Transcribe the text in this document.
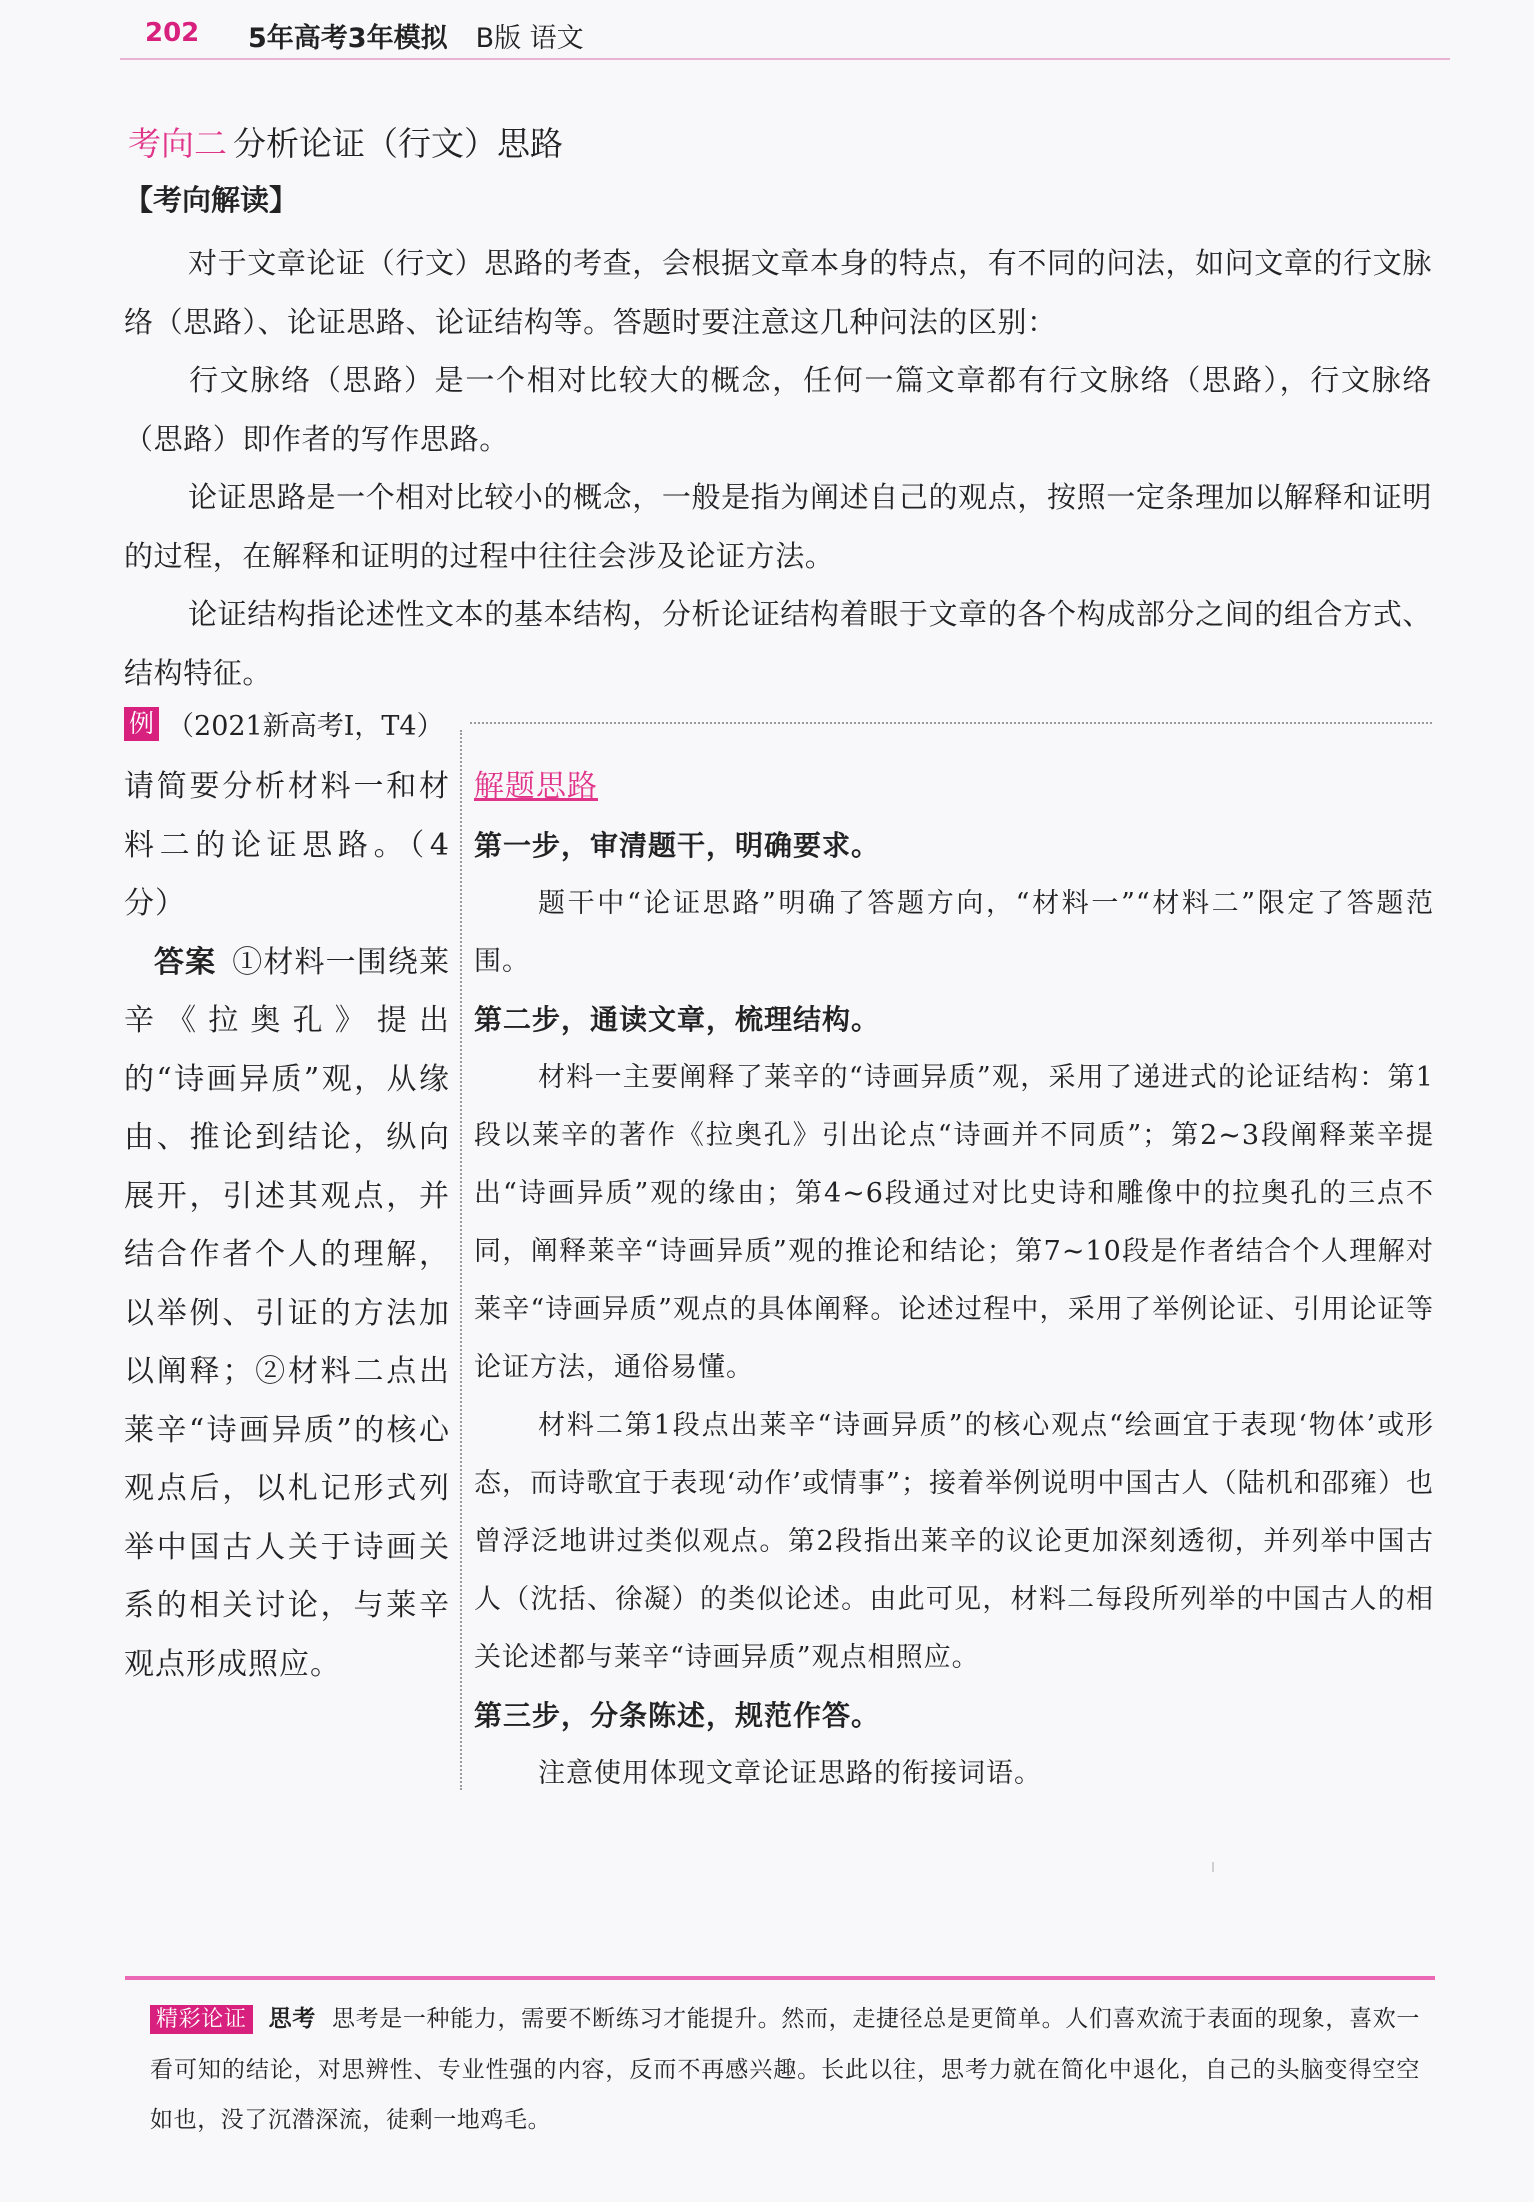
202 5年高考3年模拟 B版 语文
考向二 分析论证（行文）思路
【考向解读】
对于文章论证（行文）思路的考查，会根据文章本身的特点，有不同的问法，如问文章的行文脉络（思路）、论证思路、论证结构等。答题时要注意这几种问法的区别：
行文脉络（思路）是一个相对比较大的概念，任何一篇文章都有行文脉络（思路），行文脉络（思路）即作者的写作思路。
论证思路是一个相对比较小的概念，一般是指为阐述自己的观点，按照一定条理加以解释和证明的过程，在解释和证明的过程中往往会涉及论证方法。
论证结构指论述性文本的基本结构，分析论证结构着眼于文章的各个构成部分之间的组合方式、结构特征。
例 （2021新高考Ⅰ，T4）
请简要分析材料一和材料二的论证思路。（4分）
答案 ①材料一围绕莱辛《拉奥孔》提出的“诗画异质”观，从缘由、推论到结论，纵向展开，引述其观点，并结合作者个人的理解，以举例、引证的方法加以阐释；②材料二点出莱辛“诗画异质”的核心观点后，以札记形式列举中国古人关于诗画关系的相关讨论，与莱辛观点形成照应。
解题思路
第一步，审清题干，明确要求。
题干中“论证思路”明确了答题方向，“材料一”“材料二”限定了答题范围。
第二步，通读文章，梳理结构。
材料一主要阐释了莱辛的“诗画异质”观，采用了递进式的论证结构：第1段以莱辛的著作《拉奥孔》引出论点“诗画并不同质”；第2~3段阐释莱辛提出“诗画异质”观的缘由；第4~6段通过对比史诗和雕像中的拉奥孔的三点不同，阐释莱辛“诗画异质”观的推论和结论；第7~10段是作者结合个人理解对莱辛“诗画异质”观点的具体阐释。论述过程中，采用了举例论证、引用论证等论证方法，通俗易懂。
材料二第1段点出莱辛“诗画异质”的核心观点“绘画宜于表现‘物体’或形态，而诗歌宜于表现‘动作’或情事”；接着举例说明中国古人（陆机和邵雍）也曾浮泛地讲过类似观点。第2段指出莱辛的议论更加深刻透彻，并列举中国古人（沈括、徐凝）的类似论述。由此可见，材料二每段所列举的中国古人的相关论述都与莱辛“诗画异质”观点相照应。
第三步，分条陈述，规范作答。
注意使用体现文章论证思路的衔接词语。
精彩论证 思考 思考是一种能力，需要不断练习才能提升。然而，走捷径总是更简单。人们喜欢流于表面的现象，喜欢一看可知的结论，对思辨性、专业性强的内容，反而不再感兴趣。长此以往，思考力就在简化中退化，自己的头脑变得空空如也，没了沉潜深流，徒剩一地鸡毛。
